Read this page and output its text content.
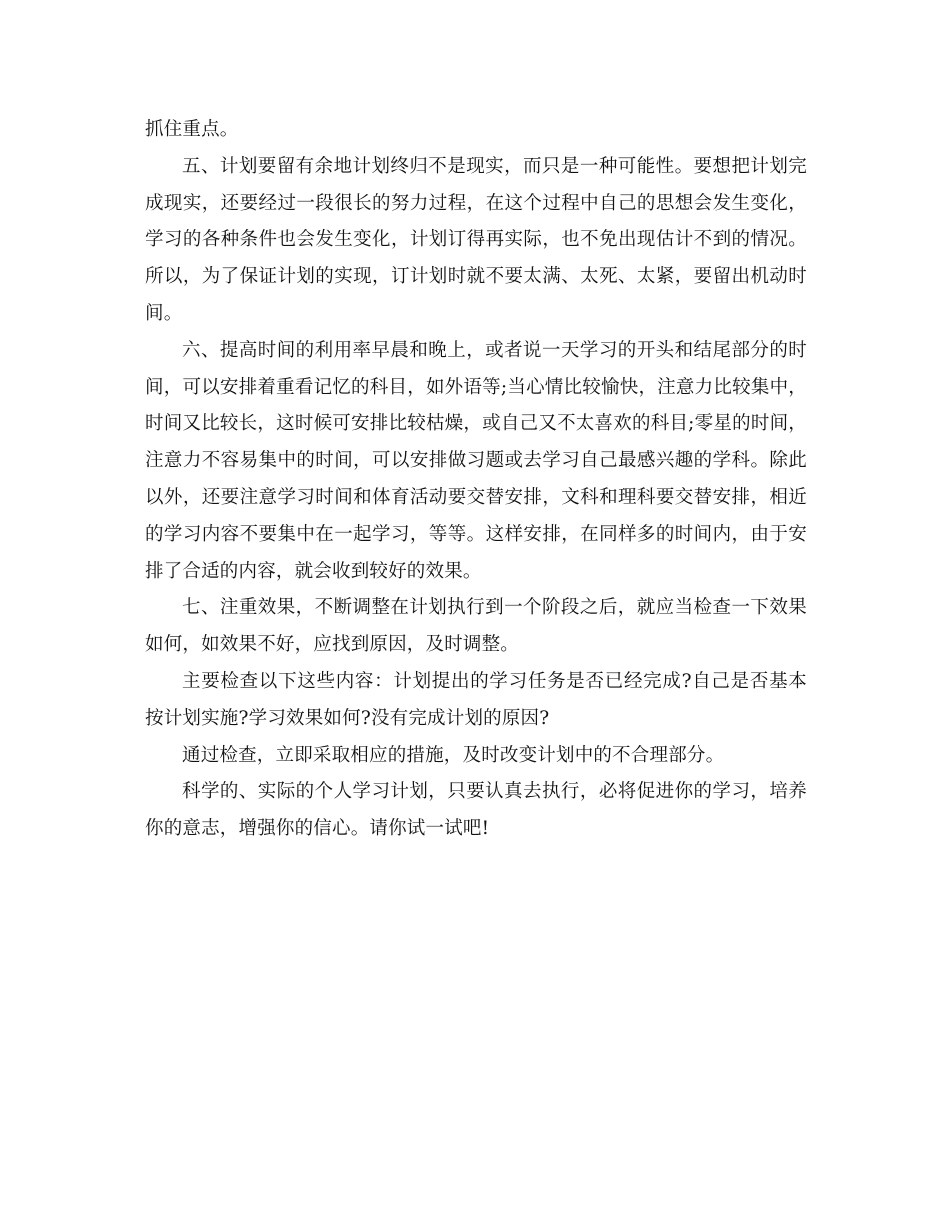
抓住重点。

五、计划要留有余地计划终归不是现实，而只是一种可能性。要想把计划完成现实，还要经过一段很长的努力过程，在这个过程中自己的思想会发生变化，学习的各种条件也会发生变化，计划订得再实际，也不免出现估计不到的情况。所以，为了保证计划的实现，订计划时就不要太满、太死、太紧，要留出机动时间。

六、提高时间的利用率早晨和晚上，或者说一天学习的开头和结尾部分的时间，可以安排着重看记忆的科目，如外语等;当心情比较愉快，注意力比较集中，时间又比较长，这时候可安排比较枯燥，或自己又不太喜欢的科目;零星的时间，注意力不容易集中的时间，可以安排做习题或去学习自己最感兴趣的学科。除此以外，还要注意学习时间和体育活动要交替安排，文科和理科要交替安排，相近的学习内容不要集中在一起学习，等等。这样安排，在同样多的时间内，由于安排了合适的内容，就会收到较好的效果。

七、注重效果，不断调整在计划执行到一个阶段之后，就应当检查一下效果如何，如效果不好，应找到原因，及时调整。

主要检查以下这些内容：计划提出的学习任务是否已经完成?自己是否基本按计划实施?学习效果如何?没有完成计划的原因?

通过检查，立即采取相应的措施，及时改变计划中的不合理部分。

科学的、实际的个人学习计划，只要认真去执行，必将促进你的学习，培养你的意志，增强你的信心。请你试一试吧!
